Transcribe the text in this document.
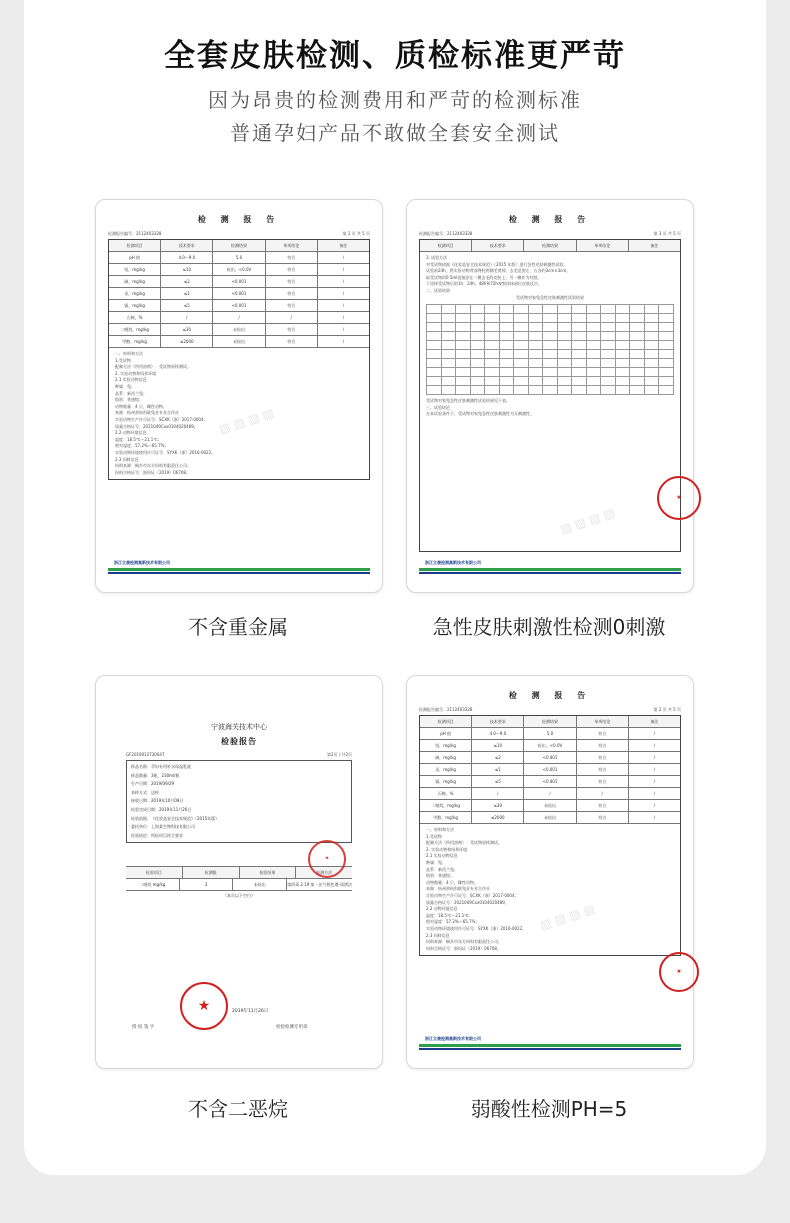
全套皮肤检测、质检标准更严苛
因为昂贵的检测费用和严苛的检测标准
普通孕妇产品不敢做全套安全测试
检 测 报 告
检测报告编号：2112403328	第 2 页 共 5 页
检测项目	技术要求	检测结果	单项结论	备注
pH 值	4.0～9.0	5.0	符合	/
铅，mg/kg	≤10	检出，<0.0V	符合	/
砷，mg/kg	≤2	<0.001	符合	/
汞，mg/kg	≤1	<0.001	符合	/
镉，mg/kg	≤5	<0.001	符合	/
石棉，%	/	/	/	/
二噁烷，mg/kg	≤30	未检出	符合	/
甲醇，mg/kg	≤2000	未检出	符合	/
一、材料和方法
1.受试物
配制方法（所用溶剂）：受试物原样测试。
2. 实验动物和饲养环境
2.1 实验动物信息
种属：兔；
品系：新西兰兔；
级别：普通级；
动物数量：4 只，雌性动物。
来源：杭州余杭科联兔业专业合作社
实验动物生产许可证号：SCXK（浙）2017-0004；
质量合格证号：2021049Cxx0104020489。
2.2 动物环境信息
温度：18.5℃～21.1℃；
相对湿度：57.2%～65.7%；
实验动物环境使用许可证号：SYXK（浙）2016-0022。
2.3 饲料信息
饲料来源：桐乡市东方饲料有限责任公司；
饲料合格证号：浙饲证（2019）06708。
▨ ▨ ▨ ▨
浙江立晟检测高新技术有限公司
不含重金属
检 测 报 告
检测报告编号：2112403328	第 3 页 共 5 页
检测项目	技术要求	检测结果	单项结论	备注
3. 试验方法
对受试物依据《化妆品安全技术规范》（2015 年版）进行急性皮肤刺激性试验；
试验前24h，将实验动物背部脊柱两侧毛剪掉，去毛范围左、右各约3cm×3cm。
取受试物约0.5ml直接涂在一侧去毛的皮肤上，另一侧作为对照。
于涂抹受试物后的1h、24h、48h和72h观察涂抹部位皮肤反应。
二、试验结果
受试物对家兔急性皮肤刺激性试验结果

受试物对家兔急性皮肤刺激性试验结果见下表。
三、试验结论
在本试验条件下，受试物对家兔急性皮肤刺激性为无刺激性。
★
▨ ▨ ▨ ▨
浙江立晟检测高新技术有限公司
急性皮肤刺激性检测0刺激
宁波海关技术中心
检验报告
GF2019012730047	第2页 / 共2页
样品名称：孕妇专用补水保湿乳液
样品数量：3瓶，230ml/瓶
生产日期：2019/09/29
来样方式：送样
接收日期：2019年10月08日
检验完成日期：2019年11月26日
检验依据：《化妆品安全技术规范》（2015年版）
委托单位：上海某生物科技有限公司
检验结论：所检项目符合要求
检验项目	检测限	检验结果	检测方法
二噁烷 mg/kg	3	未检出	第四章 2.19 第一法气相色谱-质谱法
（本页以下空白）
✦
★	2019年11月26日
授 权 签 字	检验检测专用章
不含二恶烷
检 测 报 告
检测报告编号：2112403328	第 2 页 共 5 页
检测项目	技术要求	检测结果	单项结论	备注
pH 值	4.0～9.0	5.0	符合	/
铅，mg/kg	≤10	检出，<0.0V	符合	/
砷，mg/kg	≤2	<0.001	符合	/
汞，mg/kg	≤1	<0.001	符合	/
镉，mg/kg	≤5	<0.001	符合	/
石棉，%	/	/	/	/
二噁烷，mg/kg	≤30	未检出	符合	/
甲醇，mg/kg	≤2000	未检出	符合	/
一、材料和方法
1.受试物
配制方法（所用溶剂）：受试物原样测试。
2. 实验动物和饲养环境
2.1 实验动物信息
种属：兔；
品系：新西兰兔；
级别：普通级；
动物数量：4 只，雌性动物。
来源：杭州余杭科联兔业专业合作社
实验动物生产许可证号：SCXK（浙）2017-0004；
质量合格证号：2021049Cxx0104020489。
2.2 动物环境信息
温度：18.5℃～21.1℃；
相对湿度：57.2%～65.7%；
实验动物环境使用许可证号：SYXK（浙）2016-0022。
2.3 饲料信息
饲料来源：桐乡市东方饲料有限责任公司；
饲料合格证号：浙饲证（2019）06708。
★
▨ ▨ ▨ ▨
浙江立晟检测高新技术有限公司
弱酸性检测PH=5
